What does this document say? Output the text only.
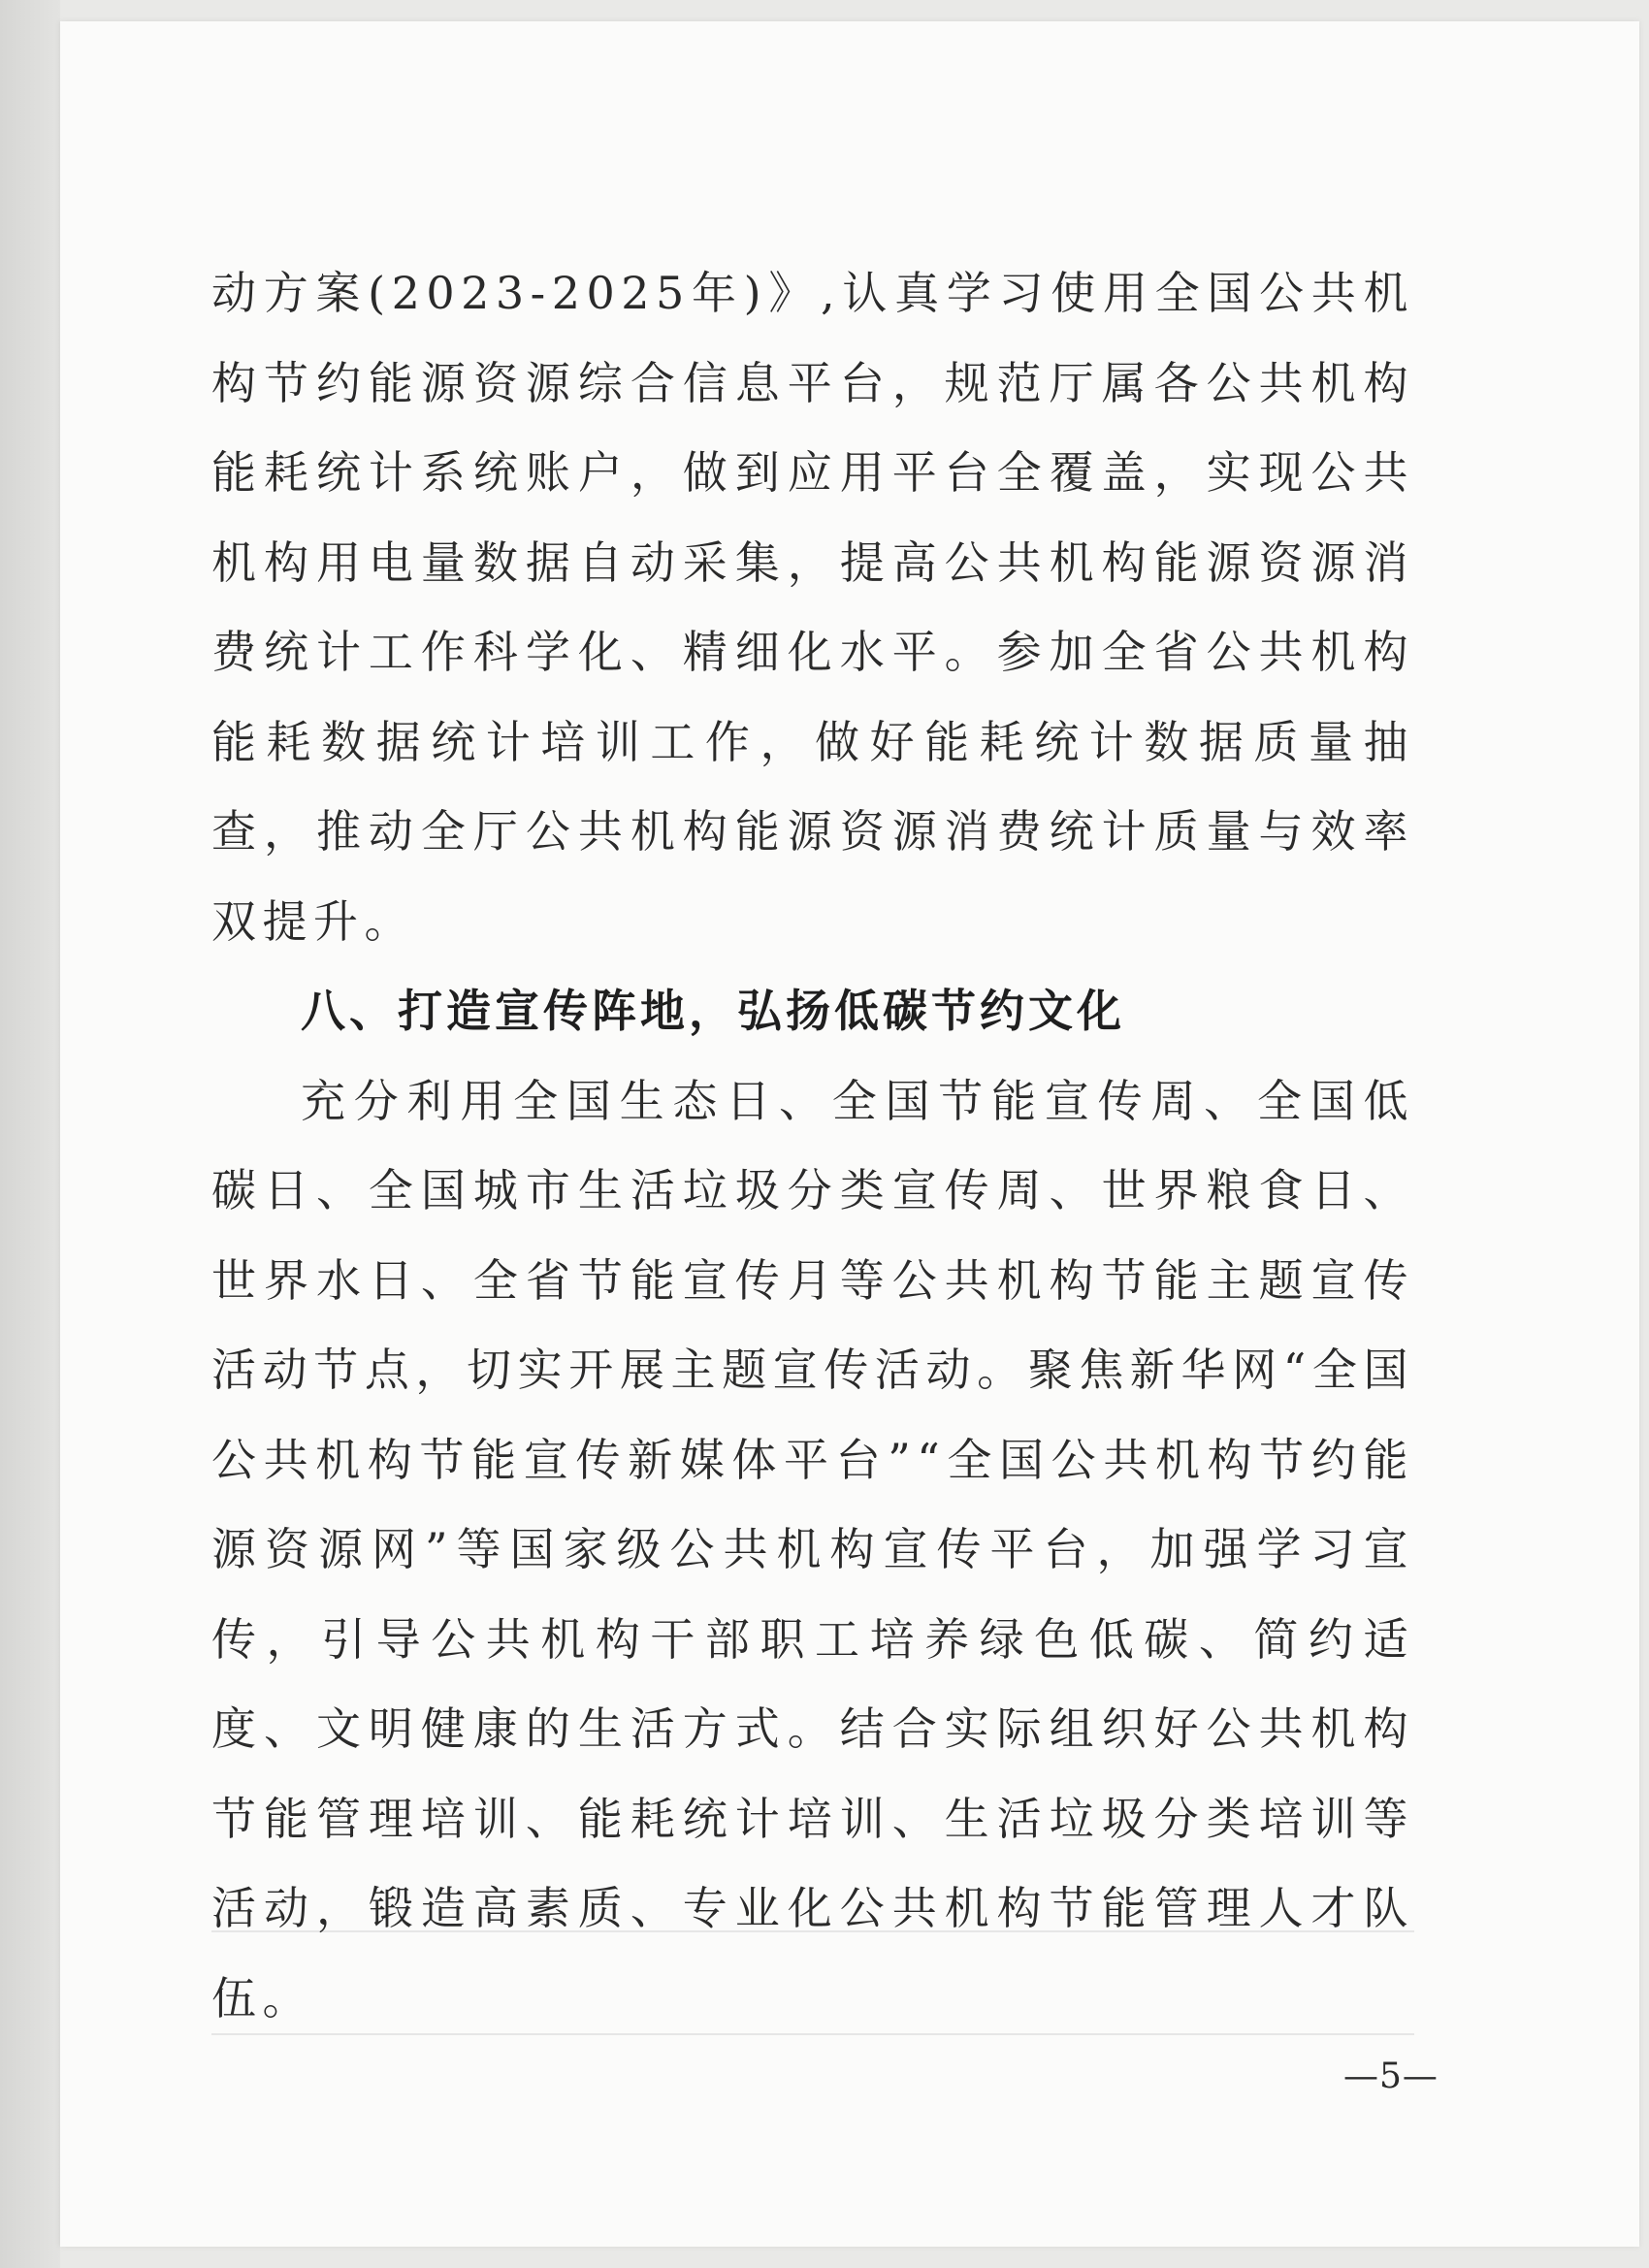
动方案(2023-2025年)》,认真学习使用全国公共机构节约能源资源综合信息平台，规范厅属各公共机构能耗统计系统账户，做到应用平台全覆盖，实现公共机构用电量数据自动采集，提高公共机构能源资源消费统计工作科学化、精细化水平。参加全省公共机构能耗数据统计培训工作，做好能耗统计数据质量抽查，推动全厅公共机构能源资源消费统计质量与效率双提升。

八、打造宣传阵地，弘扬低碳节约文化

充分利用全国生态日、全国节能宣传周、全国低碳日、全国城市生活垃圾分类宣传周、世界粮食日、世界水日、全省节能宣传月等公共机构节能主题宣传活动节点，切实开展主题宣传活动。聚焦新华网“全国公共机构节能宣传新媒体平台”“全国公共机构节约能源资源网”等国家级公共机构宣传平台，加强学习宣传，引导公共机构干部职工培养绿色低碳、简约适度、文明健康的生活方式。结合实际组织好公共机构节能管理培训、能耗统计培训、生活垃圾分类培训等活动，锻造高素质、专业化公共机构节能管理人才队伍。

—5—
